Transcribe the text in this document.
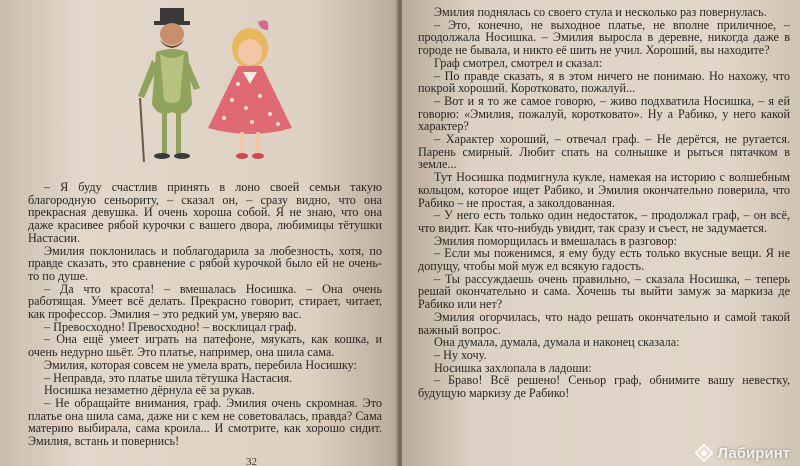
– Я буду счастлив принять в лоно своей семьи такую благородную сеньориту, – сказал он, – сразу видно, что она прекрасная девушка. И очень хороша собой. Я не знаю, что она даже красивее рябой курочки с вашего двора, любимицы тётушки Настасии.

Эмилия поклонилась и поблагодарила за любезность, хотя, по правде сказать, это сравнение с рябой курочкой было ей не очень-то по душе.

– Да что красота! – вмешалась Носишка. – Она очень работящая. Умеет всё делать. Прекрасно говорит, стирает, читает, как профессор. Эмилия – это редкий ум, уверяю вас.

– Превосходно! Превосходно! – восклицал граф.

– Она ещё умеет играть на патефоне, мяукать, как кошка, и очень недурно шьёт. Это платье, например, она шила сама.

Эмилия, которая совсем не умела врать, перебила Носишку:

– Неправда, это платье шила тётушка Настасия.

Носишка незаметно дёрнула её за рукав.

– Не обращайте внимания, граф. Эмилия очень скромная. Это платье она шила сама, даже ни с кем не советовалась, правда? Сама материю выбирала, сама кроила... И смотрите, как хорошо сидит. Эмилия, встань и повернись!

32

Эмилия поднялась со своего стула и несколько раз повернулась.

– Это, конечно, не выходное платье, не вполне приличное, – продолжала Носишка. – Эмилия выросла в деревне, никогда даже в городе не бывала, и никто её шить не учил. Хороший, вы находите?

Граф смотрел, смотрел и сказал:

– По правде сказать, я в этом ничего не понимаю. Но нахожу, что покрой хороший. Коротковато, пожалуй...

– Вот и я то же самое говорю, – живо подхватила Носишка, – я ей говорю: «Эмилия, пожалуй, коротковато». Ну а Рабико, у него какой характер?

– Характер хороший, – отвечал граф. – Не дерётся, не ругается. Парень смирный. Любит спать на солнышке и рыться пятачком в земле...

Тут Носишка подмигнула кукле, намекая на историю с волшебным кольцом, которое ищет Рабико, и Эмилия окончательно поверила, что Рабико – не простая, а заколдованная.

– У него есть только один недостаток, – продолжал граф, – он всё, что видит. Как что-нибудь увидит, так сразу и съест, не задумается.

Эмилия поморщилась и вмешалась в разговор:

– Если мы поженимся, я ему буду есть только вкусные вещи. Я не допущу, чтобы мой муж ел всякую гадость.

– Ты рассуждаешь очень правильно, – сказала Носишка, – теперь решай окончательно и сама. Хочешь ты выйти замуж за маркиза де Рабико или нет?

Эмилия огорчилась, что надо решать окончательно и самой такой важный вопрос.

Она думала, думала, думала и наконец сказала:

– Ну хочу.

Носишка захлопала в ладоши:

– Браво! Всё решено! Сеньор граф, обнимите вашу невестку, будущую маркизу де Рабико!

Лабиринт
